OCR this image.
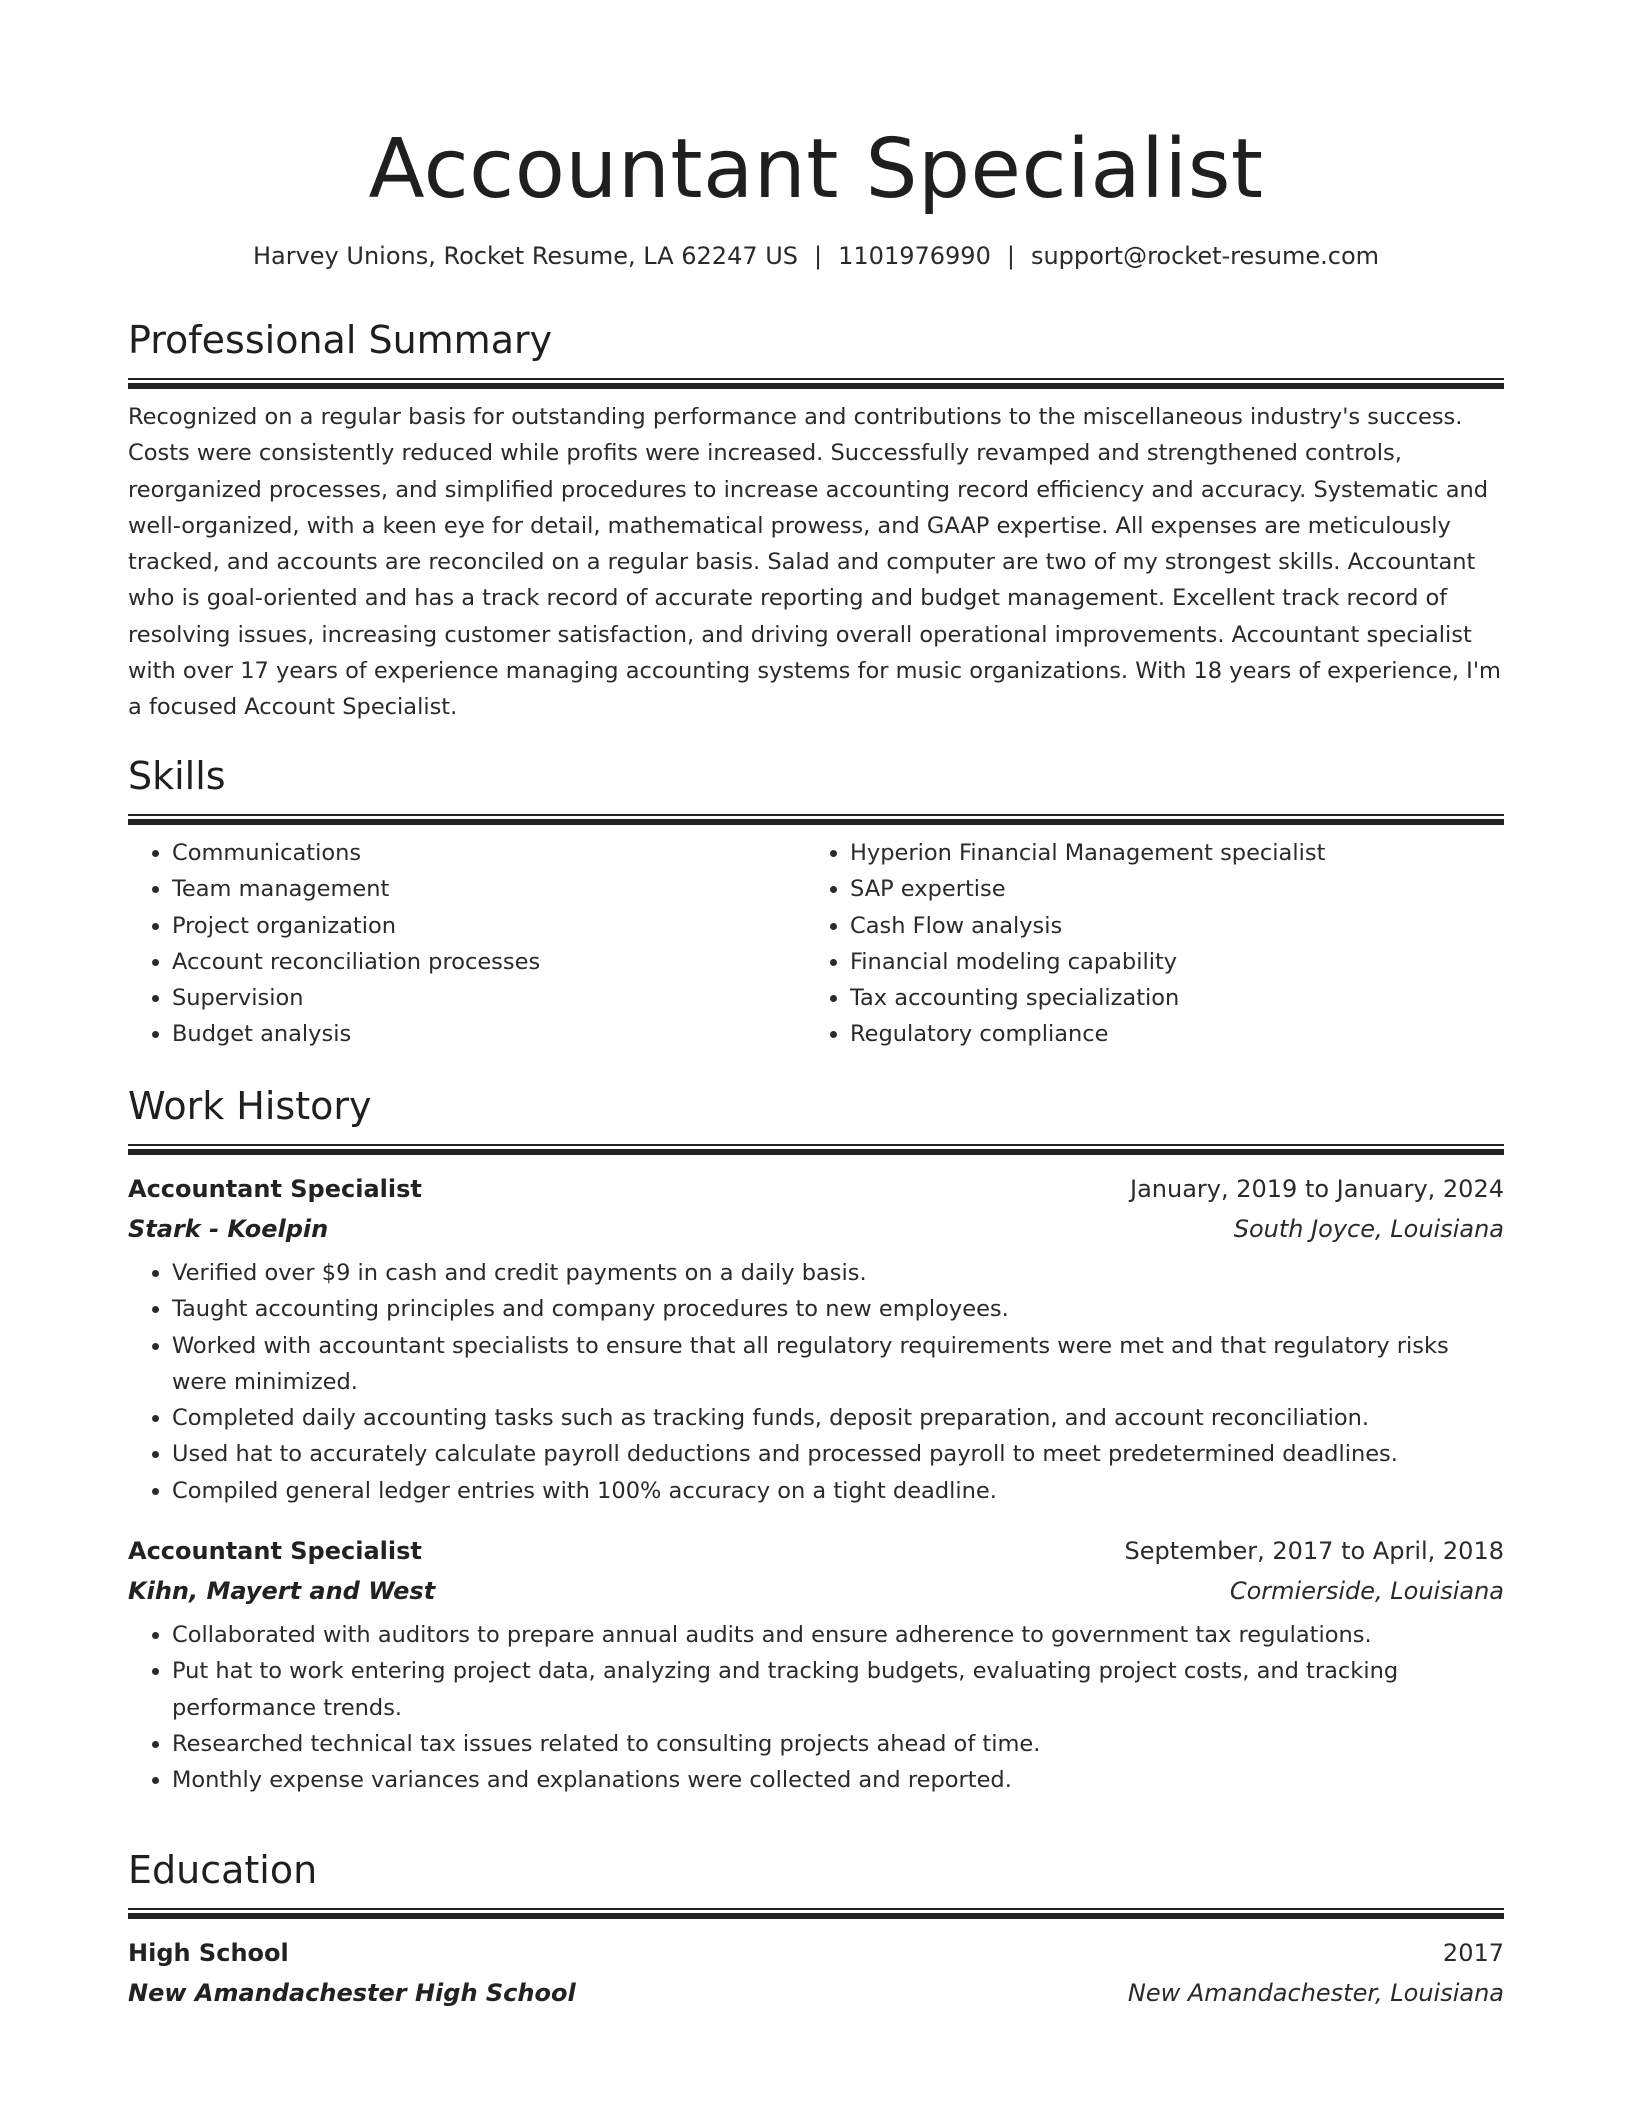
Accountant Specialist
Harvey Unions, Rocket Resume, LA 62247 US | 1101976990 | support@rocket-resume.com
Professional Summary

Recognized on a regular basis for outstanding performance and contributions to the miscellaneous industry's success. Costs were consistently reduced while profits were increased. Successfully revamped and strengthened controls, reorganized processes, and simplified procedures to increase accounting record efficiency and accuracy. Systematic and well-organized, with a keen eye for detail, mathematical prowess, and GAAP expertise. All expenses are meticulously tracked, and accounts are reconciled on a regular basis. Salad and computer are two of my strongest skills. Accountant who is goal-oriented and has a track record of accurate reporting and budget management. Excellent track record of resolving issues, increasing customer satisfaction, and driving overall operational improvements. Accountant specialist with over 17 years of experience managing accounting systems for music organizations. With 18 years of experience, I'm a focused Account Specialist.

Skills
• Communications
• Team management
• Project organization
• Account reconciliation processes
• Supervision
• Budget analysis
• Hyperion Financial Management specialist
• SAP expertise
• Cash Flow analysis
• Financial modeling capability
• Tax accounting specialization
• Regulatory compliance
Work History
Accountant Specialist	January, 2019 to January, 2024
Stark - Koelpin	South Joyce, Louisiana
• Verified over $9 in cash and credit payments on a daily basis.
• Taught accounting principles and company procedures to new employees.
• Worked with accountant specialists to ensure that all regulatory requirements were met and that regulatory risks were minimized.
• Completed daily accounting tasks such as tracking funds, deposit preparation, and account reconciliation.
• Used hat to accurately calculate payroll deductions and processed payroll to meet predetermined deadlines.
• Compiled general ledger entries with 100% accuracy on a tight deadline.
Accountant Specialist	September, 2017 to April, 2018
Kihn, Mayert and West	Cormierside, Louisiana
• Collaborated with auditors to prepare annual audits and ensure adherence to government tax regulations.
• Put hat to work entering project data, analyzing and tracking budgets, evaluating project costs, and tracking performance trends.
• Researched technical tax issues related to consulting projects ahead of time.
• Monthly expense variances and explanations were collected and reported.
Education
High School	2017
New Amandachester High School	New Amandachester, Louisiana
